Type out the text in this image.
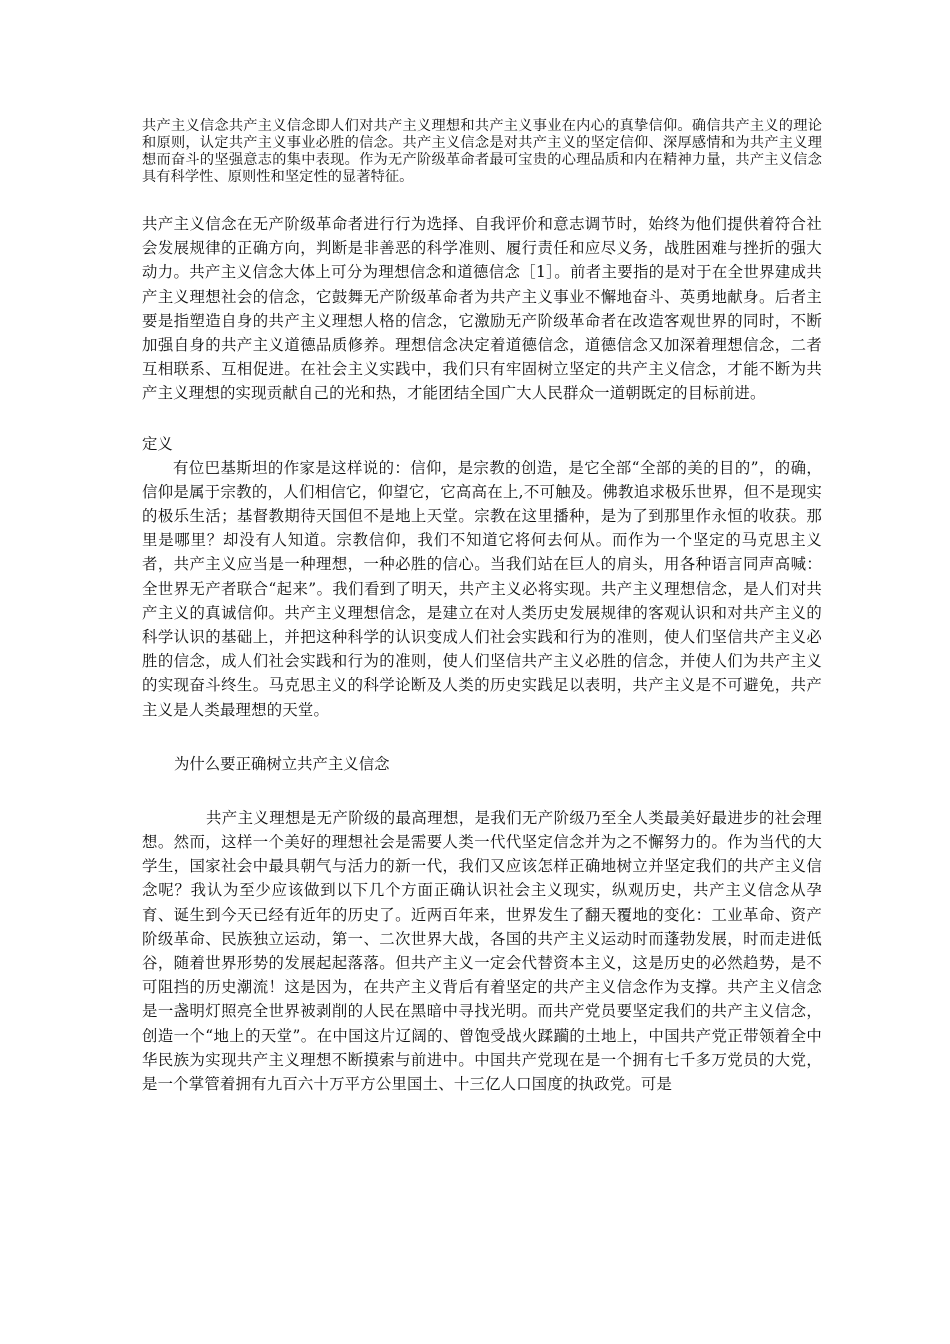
共产主义信念共产主义信念即人们对共产主义理想和共产主义事业在内心的真挚信仰。确信共产主义的理论和原则，认定共产主义事业必胜的信念。共产主义信念是对共产主义的坚定信仰、深厚感情和为共产主义理想而奋斗的坚强意志的集中表现。作为无产阶级革命者最可宝贵的心理品质和内在精神力量，共产主义信念具有科学性、原则性和坚定性的显著特征。

共产主义信念在无产阶级革命者进行行为选择、自我评价和意志调节时，始终为他们提供着符合社会发展规律的正确方向，判断是非善恶的科学准则、履行责任和应尽义务，战胜困难与挫折的强大动力。共产主义信念大体上可分为理想信念和道德信念［1］。前者主要指的是对于在全世界建成共产主义理想社会的信念，它鼓舞无产阶级革命者为共产主义事业不懈地奋斗、英勇地献身。后者主要是指塑造自身的共产主义理想人格的信念，它激励无产阶级革命者在改造客观世界的同时，不断加强自身的共产主义道德品质修养。理想信念决定着道德信念，道德信念又加深着理想信念，二者互相联系、互相促进。在社会主义实践中，我们只有牢固树立坚定的共产主义信念，才能不断为共产主义理想的实现贡献自己的光和热，才能团结全国广大人民群众一道朝既定的目标前进。

定义

有位巴基斯坦的作家是这样说的：信仰，是宗教的创造，是它全部“全部的美的目的”，的确，信仰是属于宗教的，人们相信它，仰望它，它高高在上,不可触及。佛教追求极乐世界，但不是现实的极乐生活；基督教期待天国但不是地上天堂。宗教在这里播种，是为了到那里作永恒的收获。那里是哪里？却没有人知道。宗教信仰，我们不知道它将何去何从。而作为一个坚定的马克思主义者，共产主义应当是一种理想，一种必胜的信心。当我们站在巨人的肩头，用各种语言同声高喊：全世界无产者联合“起来”。我们看到了明天，共产主义必将实现。共产主义理想信念，是人们对共产主义的真诚信仰。共产主义理想信念，是建立在对人类历史发展规律的客观认识和对共产主义的科学认识的基础上，并把这种科学的认识变成人们社会实践和行为的准则，使人们坚信共产主义必胜的信念，成人们社会实践和行为的准则，使人们坚信共产主义必胜的信念，并使人们为共产主义的实现奋斗终生。马克思主义的科学论断及人类的历史实践足以表明，共产主义是不可避免，共产主义是人类最理想的天堂。

为什么要正确树立共产主义信念

共产主义理想是无产阶级的最高理想，是我们无产阶级乃至全人类最美好最进步的社会理想。然而，这样一个美好的理想社会是需要人类一代代坚定信念并为之不懈努力的。作为当代的大学生，国家社会中最具朝气与活力的新一代，我们又应该怎样正确地树立并坚定我们的共产主义信念呢？我认为至少应该做到以下几个方面正确认识社会主义现实，纵观历史，共产主义信念从孕育、诞生到今天已经有近年的历史了。近两百年来，世界发生了翻天覆地的变化：工业革命、资产阶级革命、民族独立运动，第一、二次世界大战，各国的共产主义运动时而蓬勃发展，时而走进低谷，随着世界形势的发展起起落落。但共产主义一定会代替资本主义，这是历史的必然趋势，是不可阻挡的历史潮流！这是因为，在共产主义背后有着坚定的共产主义信念作为支撑。共产主义信念是一盏明灯照亮全世界被剥削的人民在黑暗中寻找光明。而共产党员要坚定我们的共产主义信念，创造一个“地上的天堂”。在中国这片辽阔的、曾饱受战火蹂躏的土地上，中国共产党正带领着全中华民族为实现共产主义理想不断摸索与前进中。中国共产党现在是一个拥有七千多万党员的大党，是一个掌管着拥有九百六十万平方公里国土、十三亿人口国度的执政党。可是
